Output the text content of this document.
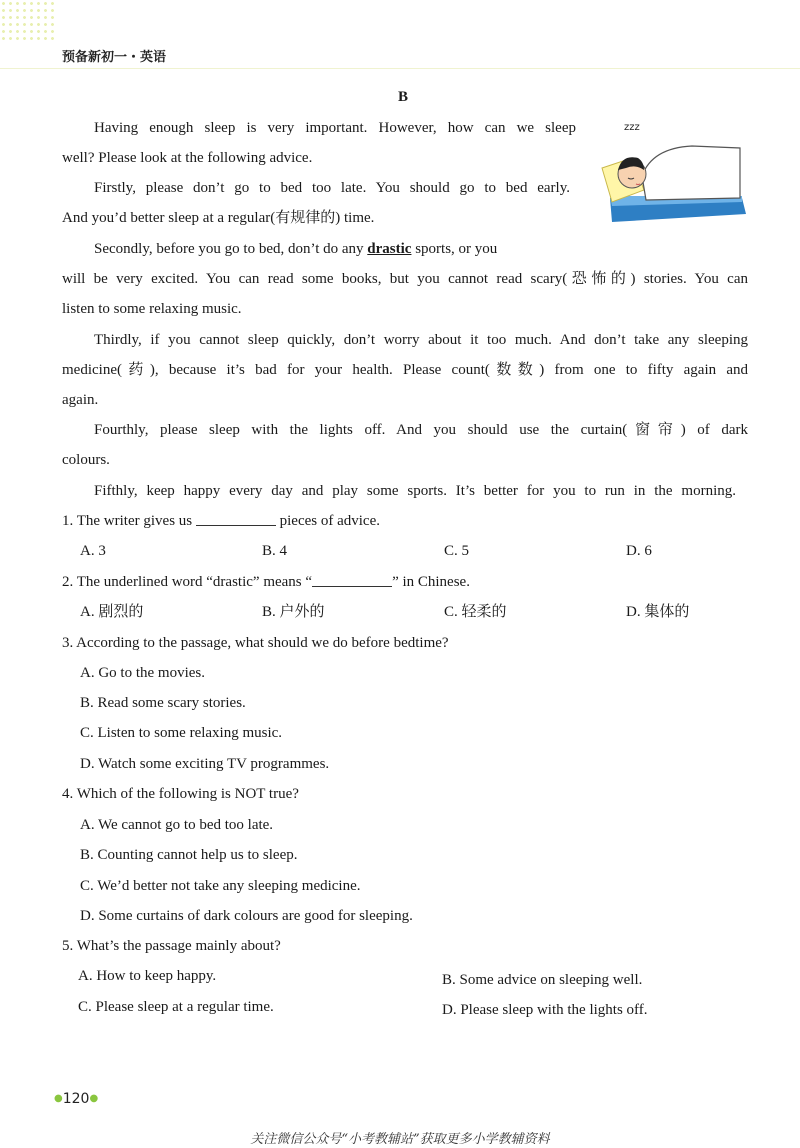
预备新初一・英语
B
zzz
Having enough sleep is very important. However, how can we sleep
well? Please look at the following advice.
Firstly, please don’t go to bed too late. You should go to bed early.
And you’d better sleep at a regular(有规律的) time.
Secondly, before you go to bed, don’t do any drastic sports, or you
will be very excited. You can read some books, but you cannot read scary(恐怖的) stories. You can
listen to some relaxing music.
Thirdly, if you cannot sleep quickly, don’t worry about it too much. And don’t take any sleeping
medicine(药), because it’s bad for your health. Please count(数数) from one to fifty again and
again.
Fourthly, please sleep with the lights off. And you should use the curtain(窗帘) of dark
colours.
Fifthly, keep happy every day and play some sports. It’s better for you to run in the morning.
1. The writer gives us	pieces of advice.
A. 3	B. 4	C. 5	D. 6
2. The underlined word “drastic” means “	” in Chinese.
A. 剧烈的	B. 户外的	C. 轻柔的	D. 集体的
3. According to the passage, what should we do before bedtime?
A. Go to the movies.
B. Read some scary stories.
C. Listen to some relaxing music.
D. Watch some exciting TV programmes.
4. Which of the following is NOT true?
A. We cannot go to bed too late.
B. Counting cannot help us to sleep.
C. We’d better not take any sleeping medicine.
D. Some curtains of dark colours are good for sleeping.
5. What’s the passage mainly about?
A. How to keep happy.	B. Some advice on sleeping well.
C. Please sleep at a regular time.	D. Please sleep with the lights off.
●120●
关注微信公众号“小考教辅站”获取更多小学教辅资料
